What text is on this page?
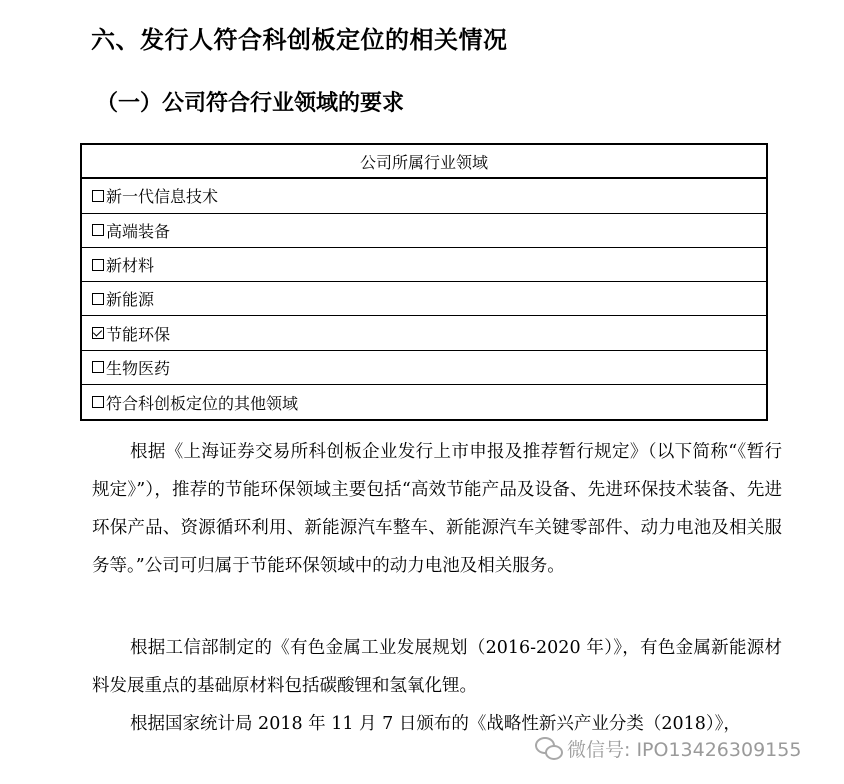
六、发行人符合科创板定位的相关情况
（一）公司符合行业领域的要求
公司所属行业领域
新一代信息技术
高端装备
新材料
新能源
节能环保
生物医药
符合科创板定位的其他领域

根据《上海证券交易所科创板企业发行上市申报及推荐暂行规定》（以下简称“《暂行规定》”），推荐的节能环保领域主要包括“高效节能产品及设备、先进环保技术装备、先进环保产品、资源循环利用、新能源汽车整车、新能源汽车关键零部件、动力电池及相关服务等。”公司可归属于节能环保领域中的动力电池及相关服务。

根据工信部制定的《有色金属工业发展规划（2016-2020 年）》，有色金属新能源材料发展重点的基础原材料包括碳酸锂和氢氧化锂。

根据国家统计局 2018 年 11 月 7 日颁布的《战略性新兴产业分类（2018）》，

微信号: IPO13426309155
